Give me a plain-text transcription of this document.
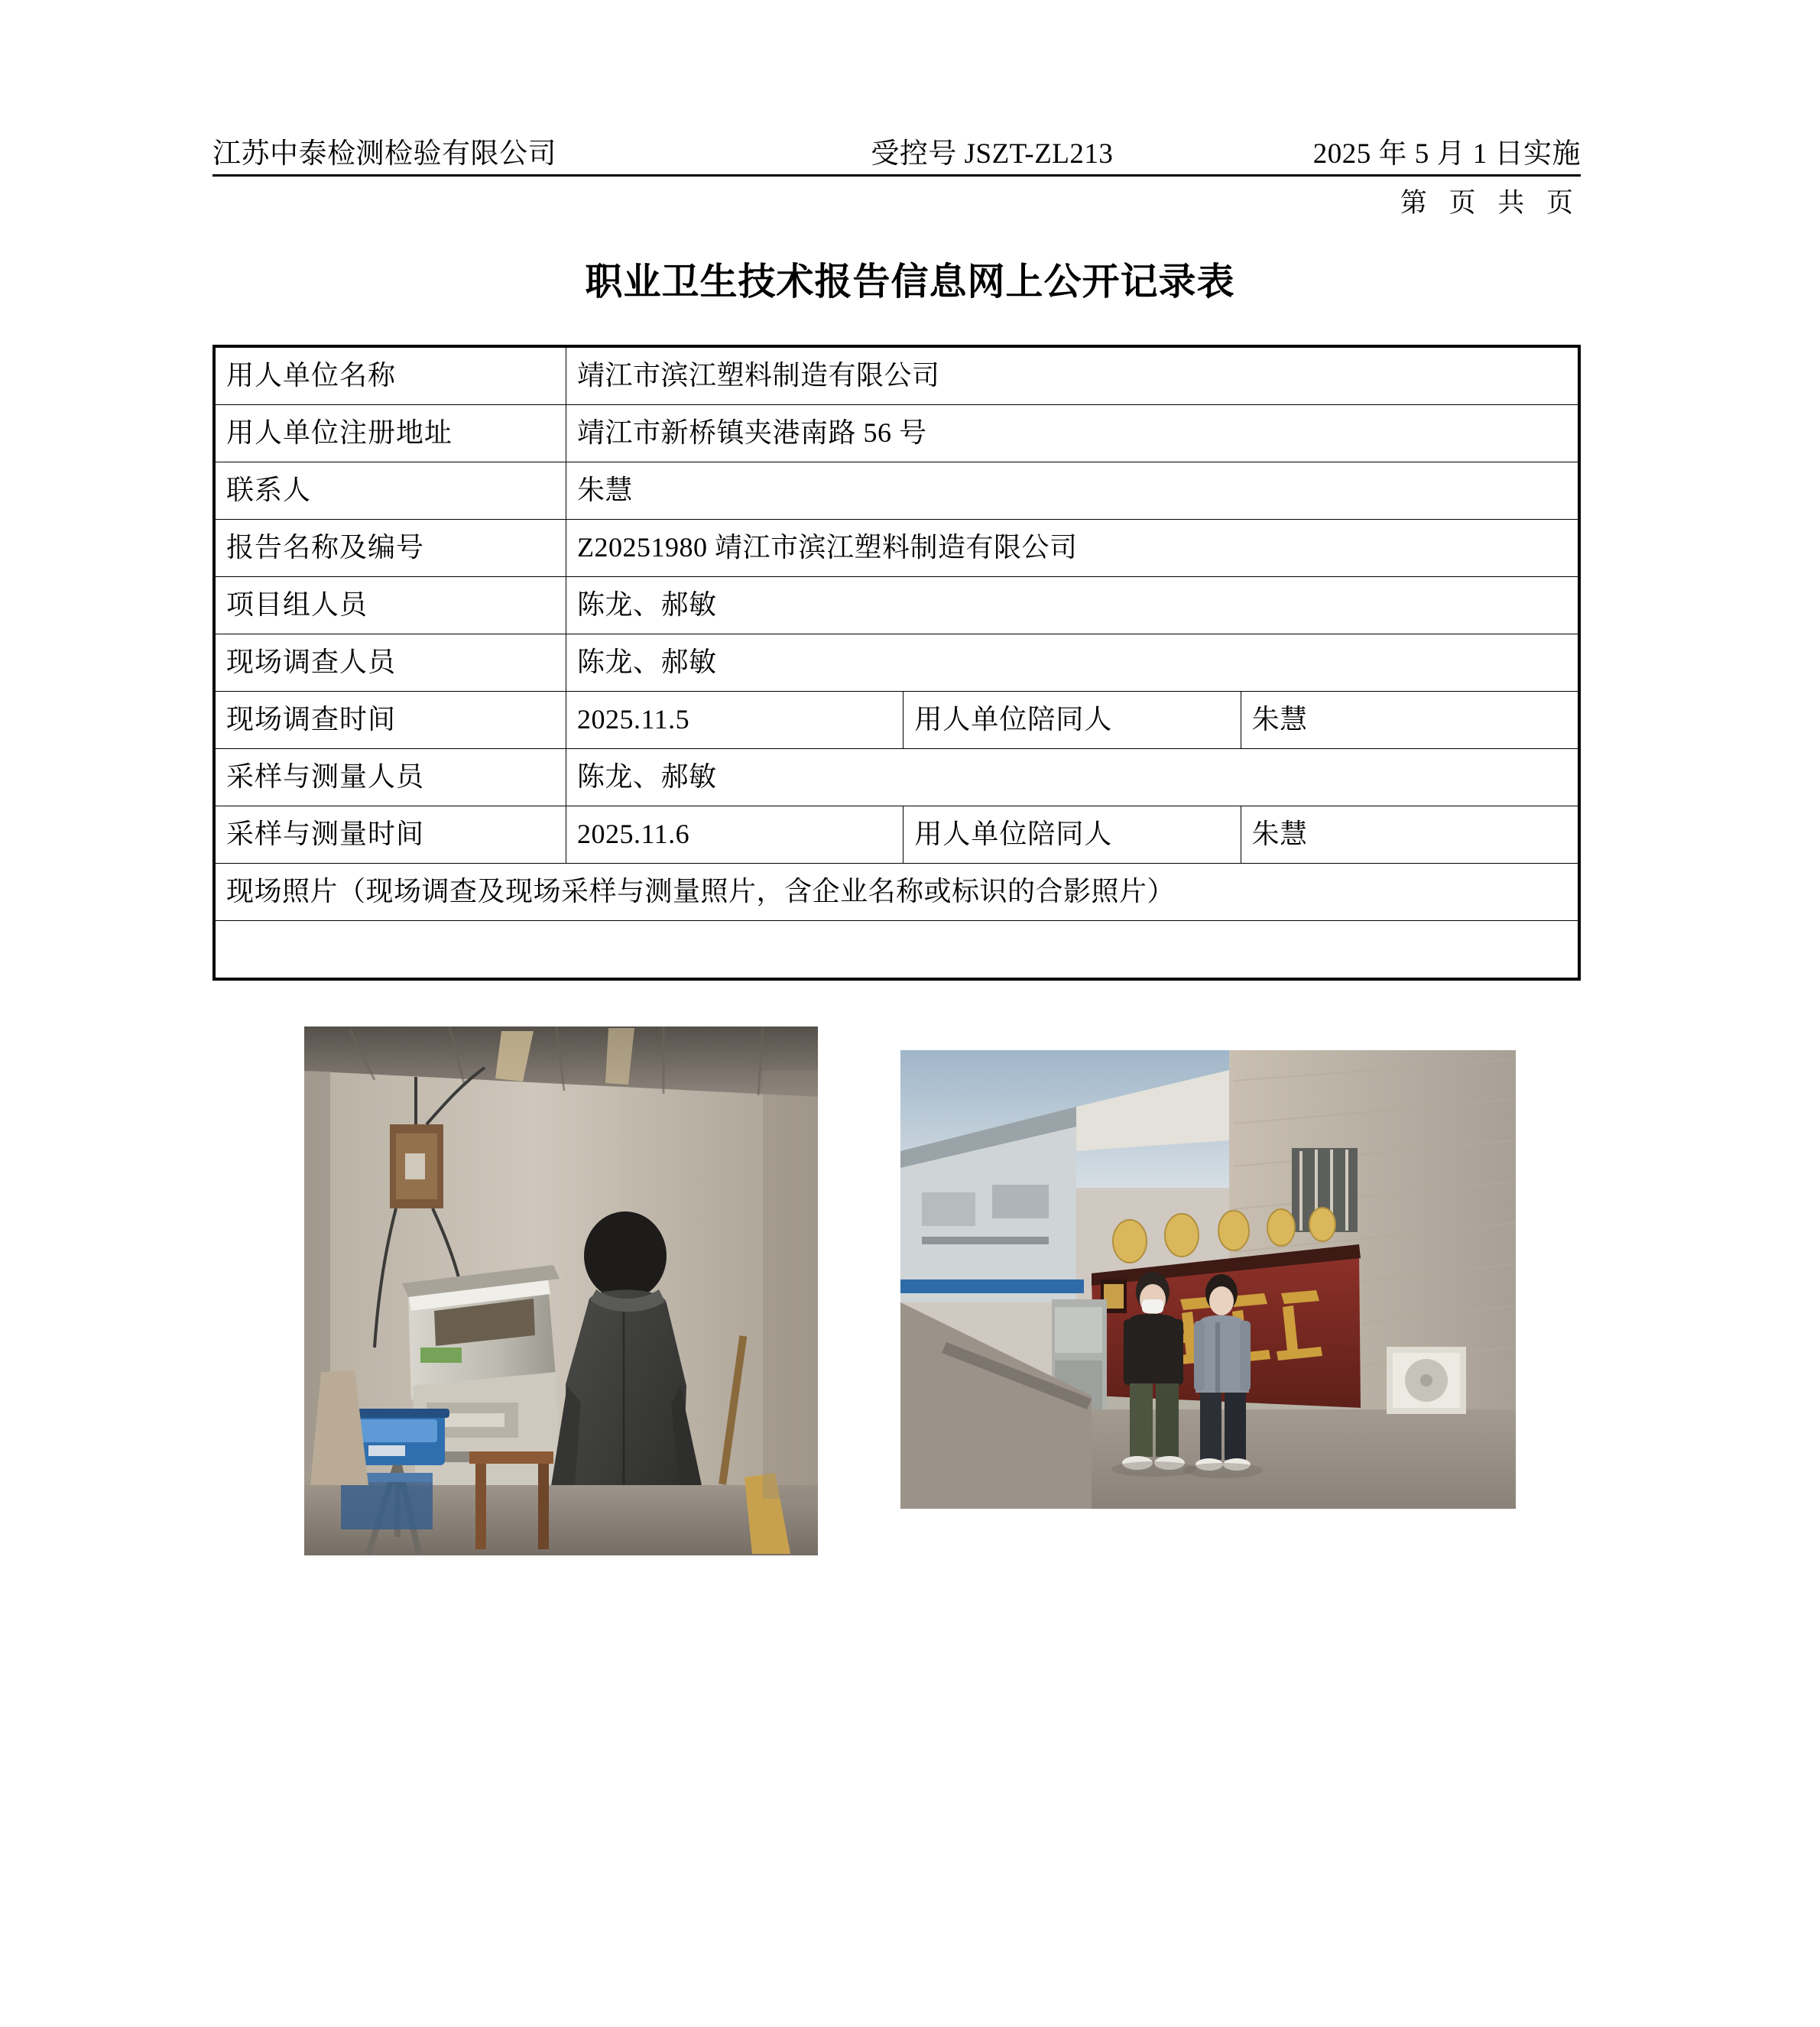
江苏中泰检测检验有限公司	受控号 JSZT-ZL213	2025 年 5 月 1 日实施
第 页 共 页
职业卫生技术报告信息网上公开记录表
用人单位名称	靖江市滨江塑料制造有限公司		
用人单位注册地址	靖江市新桥镇夹港南路 56 号		
联系人	朱慧		
报告名称及编号	Z20251980 靖江市滨江塑料制造有限公司		
项目组人员	陈龙、郝敏		
现场调查人员	陈龙、郝敏		
现场调查时间	2025.11.5	用人单位陪同人	朱慧
采样与测量人员	陈龙、郝敏		
采样与测量时间	2025.11.6	用人单位陪同人	朱慧
现场照片（现场调查及现场采样与测量照片，含企业名称或标识的合影照片）			
